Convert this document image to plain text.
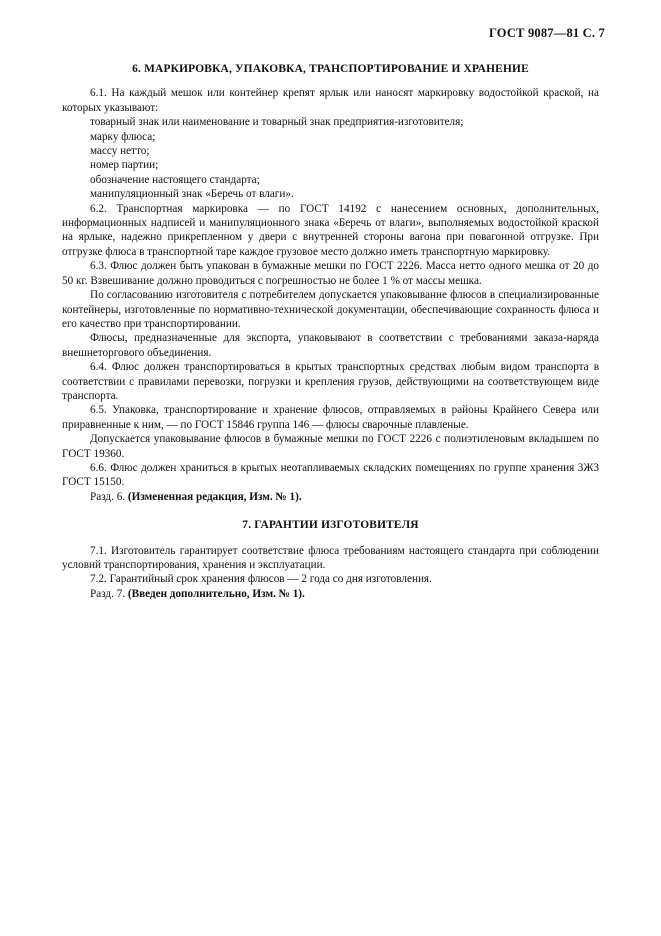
ГОСТ 9087—81 С. 7
6. МАРКИРОВКА, УПАКОВКА, ТРАНСПОРТИРОВАНИЕ И ХРАНЕНИЕ

6.1. На каждый мешок или контейнер крепят ярлык или наносят маркировку водостойкой краской, на которых указывают:

товарный знак или наименование и товарный знак предприятия-изготовителя;

марку флюса;

массу нетто;

номер партии;

обозначение настоящего стандарта;

манипуляционный знак «Беречь от влаги».

6.2. Транспортная маркировка — по ГОСТ 14192 с нанесением основных, дополнительных, информационных надписей и манипуляционного знака «Беречь от влаги», выполняемых водостойкой краской на ярлыке, надежно прикрепленном у двери с внутренней стороны вагона при повагонной отгрузке. При отгрузке флюса в транспортной таре каждое грузовое место должно иметь транспортную маркировку.

6.3. Флюс должен быть упакован в бумажные мешки по ГОСТ 2226. Масса нетто одного мешка от 20 до 50 кг. Взвешивание должно проводиться с погрешностью не более 1 % от массы мешка.

По согласованию изготовителя с потребителем допускается упаковывание флюсов в специализированные контейнеры, изготовленные по нормативно-технической документации, обеспечивающие сохранность флюса и его качество при транспортировании.

Флюсы, предназначенные для экспорта, упаковывают в соответствии с требованиями заказа-наряда внешнеторгового объединения.

6.4. Флюс должен транспортироваться в крытых транспортных средствах любым видом транспорта в соответствии с правилами перевозки, погрузки и крепления грузов, действующими на соответствующем виде транспорта.

6.5. Упаковка, транспортирование и хранение флюсов, отправляемых в районы Крайнего Севера или приравненные к ним, — по ГОСТ 15846 группа 146 — флюсы сварочные плавленые.

Допускается упаковывание флюсов в бумажные мешки по ГОСТ 2226 с полиэтиленовым вкладышем по ГОСТ 19360.

6.6. Флюс должен храниться в крытых неотапливаемых складских помещениях по группе хранения 3Ж3 ГОСТ 15150.

Разд. 6. (Измененная редакция, Изм. № 1).

7. ГАРАНТИИ ИЗГОТОВИТЕЛЯ

7.1. Изготовитель гарантирует соответствие флюса требованиям настоящего стандарта при соблюдении условий транспортирования, хранения и эксплуатации.

7.2. Гарантийный срок хранения флюсов — 2 года со дня изготовления.

Разд. 7. (Введен дополнительно, Изм. № 1).
